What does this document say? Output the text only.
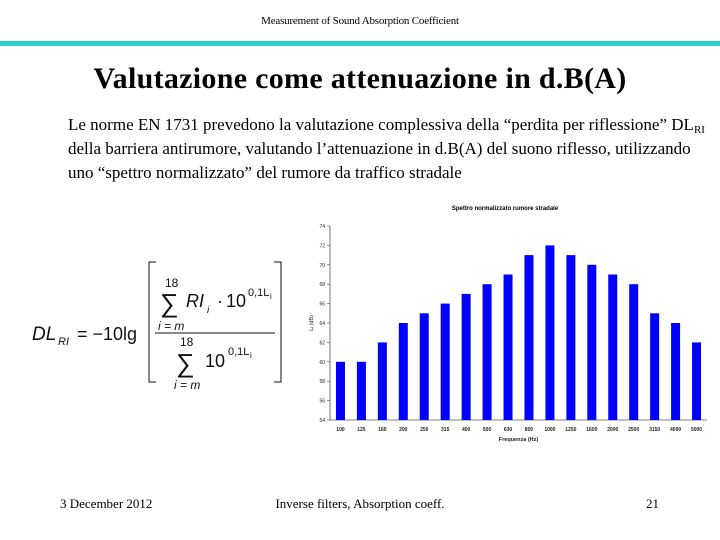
Measurement of Sound Absorption Coefficient
Valutazione come attenuazione in d.B(A)
Le norme EN 1731 prevedono la valutazione complessiva della “perdita per riflessione” $DL_{RI}$ della barriera antirumore, valutando l’attenuazione in d.B(A) del suono riflesso, utilizzando uno “spettro normalizzato” del rumore da traffico stradale
DL RI = −10lg
18
∑
i = m
RI i · 10 0,1L i
18
∑
i = m
10 0,1L i
Spettro normalizzato rumore stradale
54
56
58
60
62
64
66
68
70
72
74
100	125	160	200	250	315	400	500	630	800 1000 1250 1600 2000 2500 3150 4000 5000
Frequenza (Hz)
Lᵢ (dB)
3 December 2012	Inverse filters, Absorption coeff.	21
